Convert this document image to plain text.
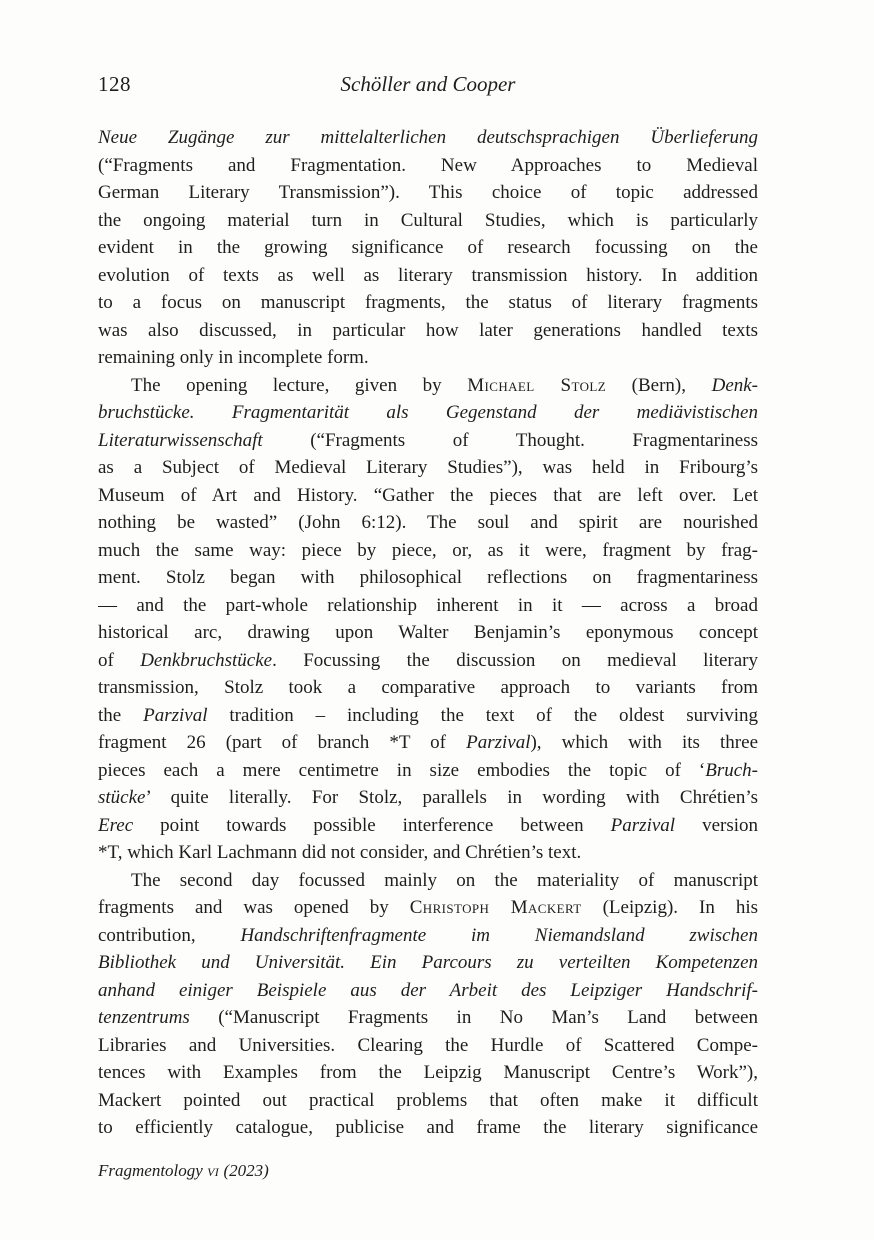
128	Schöller and Cooper
Neue Zugänge zur mittelalterlichen deutschsprachigen Überlieferung
(“Fragments and Fragmentation. New Approaches to Medieval
German Literary Transmission”). This choice of topic addressed
the ongoing material turn in Cultural Studies, which is particularly
evident in the growing significance of research focussing on the
evolution of texts as well as literary transmission history. In addition
to a focus on manuscript fragments, the status of literary fragments
was also discussed, in particular how later generations handled texts
remaining only in incomplete form.
The opening lecture, given by Michael Stolz (Bern), Denk-
bruchstücke. Fragmentarität als Gegenstand der mediävistischen
Literaturwissenschaft (“Fragments of Thought. Fragmentariness
as a Subject of Medieval Literary Studies”), was held in Fribourg’s
Museum of Art and History. “Gather the pieces that are left over. Let
nothing be wasted” (John 6:12). The soul and spirit are nourished
much the same way: piece by piece, or, as it were, fragment by frag-
ment. Stolz began with philosophical reflections on fragmentariness
— and the part-whole relationship inherent in it — across a broad
historical arc, drawing upon Walter Benjamin’s eponymous concept
of Denkbruchstücke. Focussing the discussion on medieval literary
transmission, Stolz took a comparative approach to variants from
the Parzival tradition – including the text of the oldest surviving
fragment 26 (part of branch *T of Parzival), which with its three
pieces each a mere centimetre in size embodies the topic of ‘Bruch-
stücke’ quite literally. For Stolz, parallels in wording with Chrétien’s
Erec point towards possible interference between Parzival version
*T, which Karl Lachmann did not consider, and Chrétien’s text.
The second day focussed mainly on the materiality of manuscript
fragments and was opened by Christoph Mackert (Leipzig). In his
contribution, Handschriftenfragmente im Niemandsland zwischen
Bibliothek und Universität. Ein Parcours zu verteilten Kompetenzen
anhand einiger Beispiele aus der Arbeit des Leipziger Handschrif-
tenzentrums (“Manuscript Fragments in No Man’s Land between
Libraries and Universities. Clearing the Hurdle of Scattered Compe-
tences with Examples from the Leipzig Manuscript Centre’s Work”),
Mackert pointed out practical problems that often make it difficult
to efficiently catalogue, publicise and frame the literary significance
Fragmentology vi (2023)
